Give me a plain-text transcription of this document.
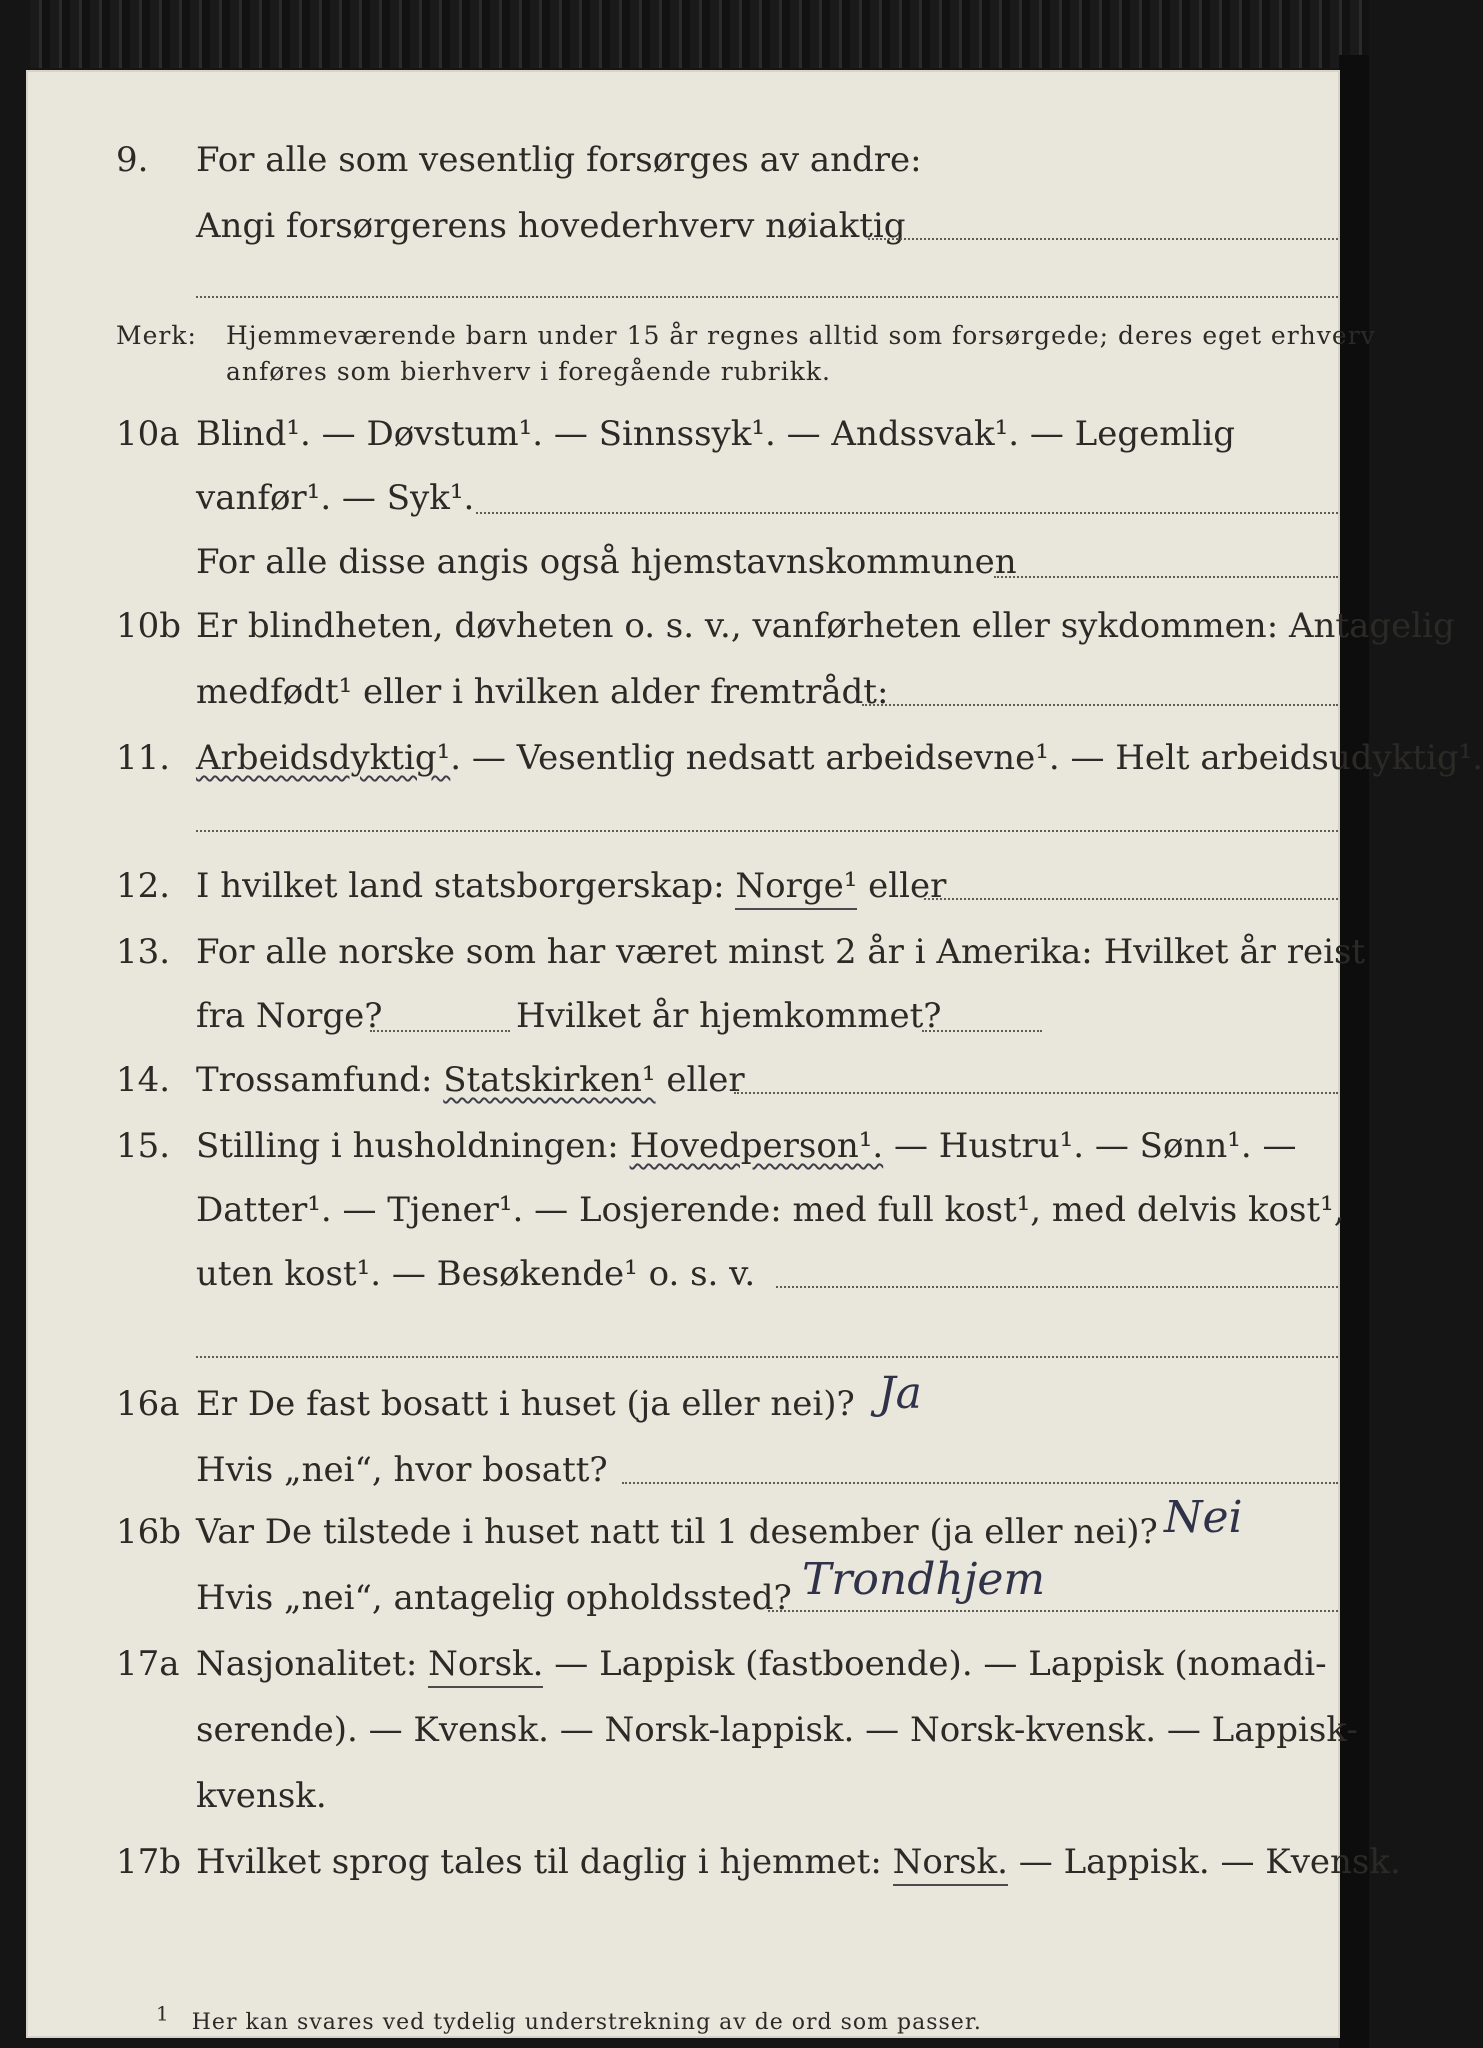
9. For alle som vesentlig forsørges av andre:
Angi forsørgerens hovederhverv nøiaktig
Merk: Hjemmeværende barn under 15 år regnes alltid som forsørgede; deres eget erhverv
anføres som bierhverv i foregående rubrikk.
10a Blind¹. — Døvstum¹. — Sinnssyk¹. — Andssvak¹. — Legemlig
vanfør¹. — Syk¹.
For alle disse angis også hjemstavnskommunen
10b Er blindheten, døvheten o. s. v., vanførheten eller sykdommen: Antagelig
medfødt¹ eller i hvilken alder fremtrådt:
11. Arbeidsdyktig¹. — Vesentlig nedsatt arbeidsevne¹. — Helt arbeidsudyktig¹.
12. I hvilket land statsborgerskap: Norge¹ eller
13. For alle norske som har været minst 2 år i Amerika: Hvilket år reist
fra Norge?	Hvilket år hjemkommet?
14. Trossamfund: Statskirken¹ eller
15. Stilling i husholdningen: Hovedperson¹. — Hustru¹. — Sønn¹. —
Datter¹. — Tjener¹. — Losjerende: med full kost¹, med delvis kost¹,
uten kost¹. — Besøkende¹ o. s. v.
16a Er De fast bosatt i huset (ja eller nei)? Ja
Hvis „nei“, hvor bosatt?
16b Var De tilstede i huset natt til 1 desember (ja eller nei)? Nei
Hvis „nei“, antagelig opholdssted? Trondhjem
17a Nasjonalitet: Norsk. — Lappisk (fastboende). — Lappisk (nomadi-
serende). — Kvensk. — Norsk-lappisk. — Norsk-kvensk. — Lappisk-
kvensk.
17b Hvilket sprog tales til daglig i hjemmet: Norsk. — Lappisk. — Kvensk.
1 Her kan svares ved tydelig understrekning av de ord som passer.
